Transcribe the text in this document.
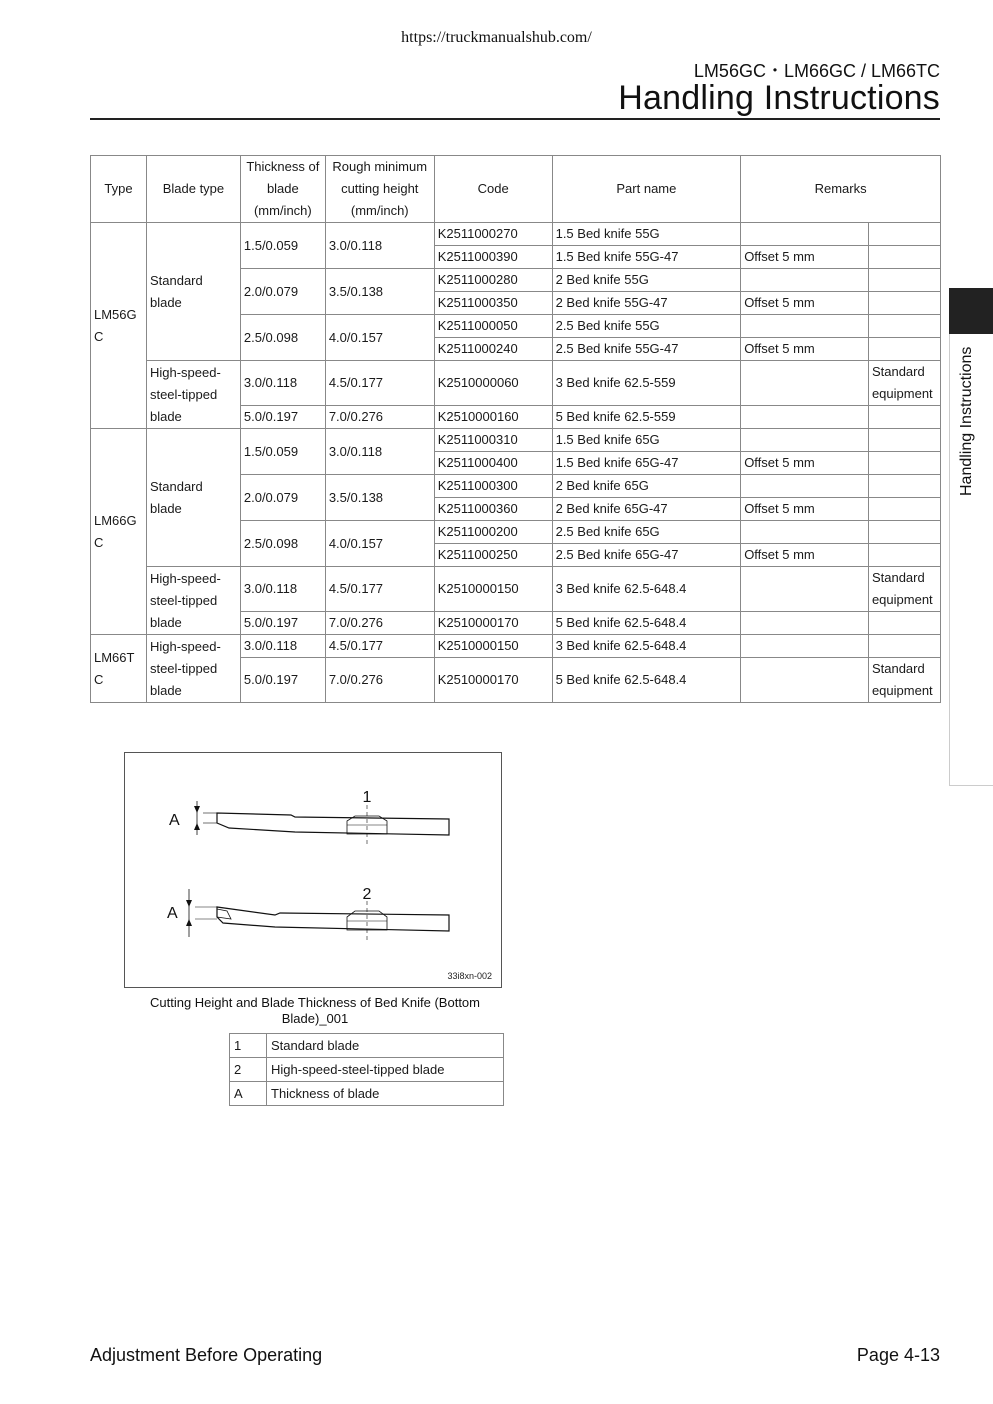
https://truckmanualshub.com/
LM56GC・LM66GC / LM66TC
Handling Instructions
Handling Instructions
Type	Blade type	Thickness of blade (mm/inch)	Rough minimum cutting height (mm/inch)	Code	Part name	Remarks	
LM56G C	Standard blade	1.5/0.059	3.0/0.118	K2511000270	1.5 Bed knife 55G		
				K2511000390	1.5 Bed knife 55G-47	Offset 5 mm	
		2.0/0.079	3.5/0.138	K2511000280	2 Bed knife 55G		
				K2511000350	2 Bed knife 55G-47	Offset 5 mm	
		2.5/0.098	4.0/0.157	K2511000050	2.5 Bed knife 55G		
				K2511000240	2.5 Bed knife 55G-47	Offset 5 mm	
	High-speed-steel-tipped blade	3.0/0.118	4.5/0.177	K2510000060	3 Bed knife 62.5-559		Standard equipment
		5.0/0.197	7.0/0.276	K2510000160	5 Bed knife 62.5-559		
LM66G C	Standard blade	1.5/0.059	3.0/0.118	K2511000310	1.5 Bed knife 65G		
				K2511000400	1.5 Bed knife 65G-47	Offset 5 mm	
		2.0/0.079	3.5/0.138	K2511000300	2 Bed knife 65G		
				K2511000360	2 Bed knife 65G-47	Offset 5 mm	
		2.5/0.098	4.0/0.157	K2511000200	2.5 Bed knife 65G		
				K2511000250	2.5 Bed knife 65G-47	Offset 5 mm	
	High-speed-steel-tipped blade	3.0/0.118	4.5/0.177	K2510000150	3 Bed knife 62.5-648.4		Standard equipment
		5.0/0.197	7.0/0.276	K2510000170	5 Bed knife 62.5-648.4		
LM66T C	High-speed-steel-tipped blade	3.0/0.118	4.5/0.177	K2510000150	3 Bed knife 62.5-648.4		
		5.0/0.197	7.0/0.276	K2510000170	5 Bed knife 62.5-648.4		Standard equipment
1
2
A
A
33i8xn-002
Cutting Height and Blade Thickness of Bed Knife (Bottom Blade)_001
1	Standard blade
2	High-speed-steel-tipped blade
A	Thickness of blade
Adjustment Before Operating	Page 4-13
